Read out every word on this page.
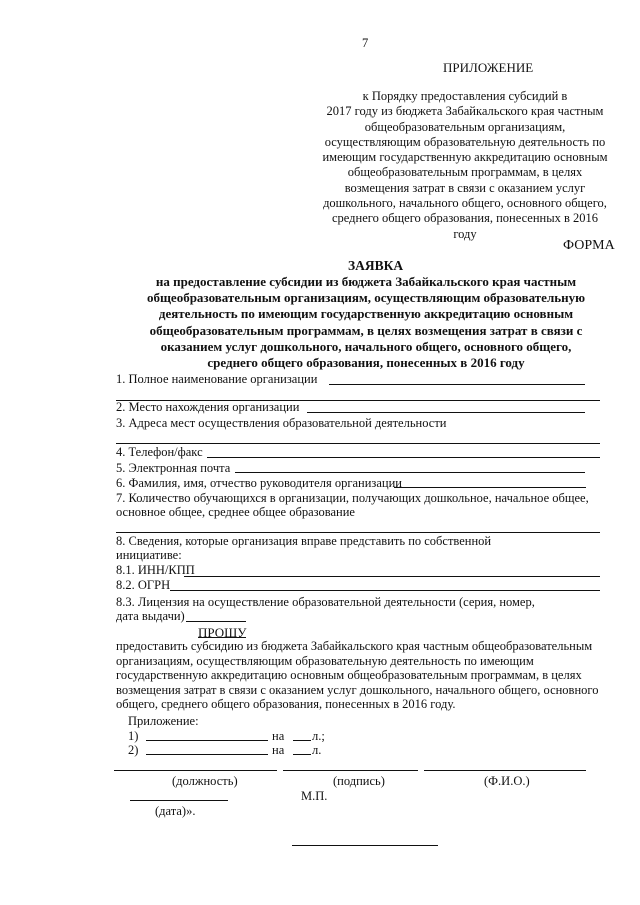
7
ПРИЛОЖЕНИЕ
к Порядку предоставления субсидий в
2017 году из бюджета Забайкальского края частным
общеобразовательным организациям,
осуществляющим образовательную деятельность по
имеющим государственную аккредитацию основным
общеобразовательным программам, в целях
возмещения затрат в связи с оказанием услуг
дошкольного, начального общего, основного общего,
среднего общего образования, понесенных в 2016
году
ФОРМА
ЗАЯВКА
на предоставление субсидии из бюджета Забайкальского края частным
общеобразовательным организациям, осуществляющим образовательную
деятельность по имеющим государственную аккредитацию основным
общеобразовательным программам, в целях возмещения затрат в связи с
оказанием услуг дошкольного, начального общего, основного общего,
среднего общего образования, понесенных в 2016 году
1. Полное наименование организации
2. Место нахождения организации
3. Адреса мест осуществления образовательной деятельности
4. Телефон/факс
5. Электронная почта
6. Фамилия, имя, отчество руководителя организации
7. Количество обучающихся в организации, получающих дошкольное, начальное общее,
основное общее, среднее общее образование
8. Сведения, которые организация вправе представить по собственной
инициативе:
8.1. ИНН/КПП
8.2. ОГРН
8.3. Лицензия на осуществление образовательной деятельности (серия, номер,
дата выдачи)
ПРОШУ
предоставить субсидию из бюджета Забайкальского края частным общеобразовательным
организациям, осуществляющим образовательную деятельность по имеющим
государственную аккредитацию основным общеобразовательным программам, в целях
возмещения затрат в связи с оказанием услуг дошкольного, начального общего, основного
общего, среднего общего образования, понесенных в 2016 году.
Приложение:
1)	на л.;
2)	на л.
(должность)	(подпись)	(Ф.И.О.)
М.П.
(дата)».
